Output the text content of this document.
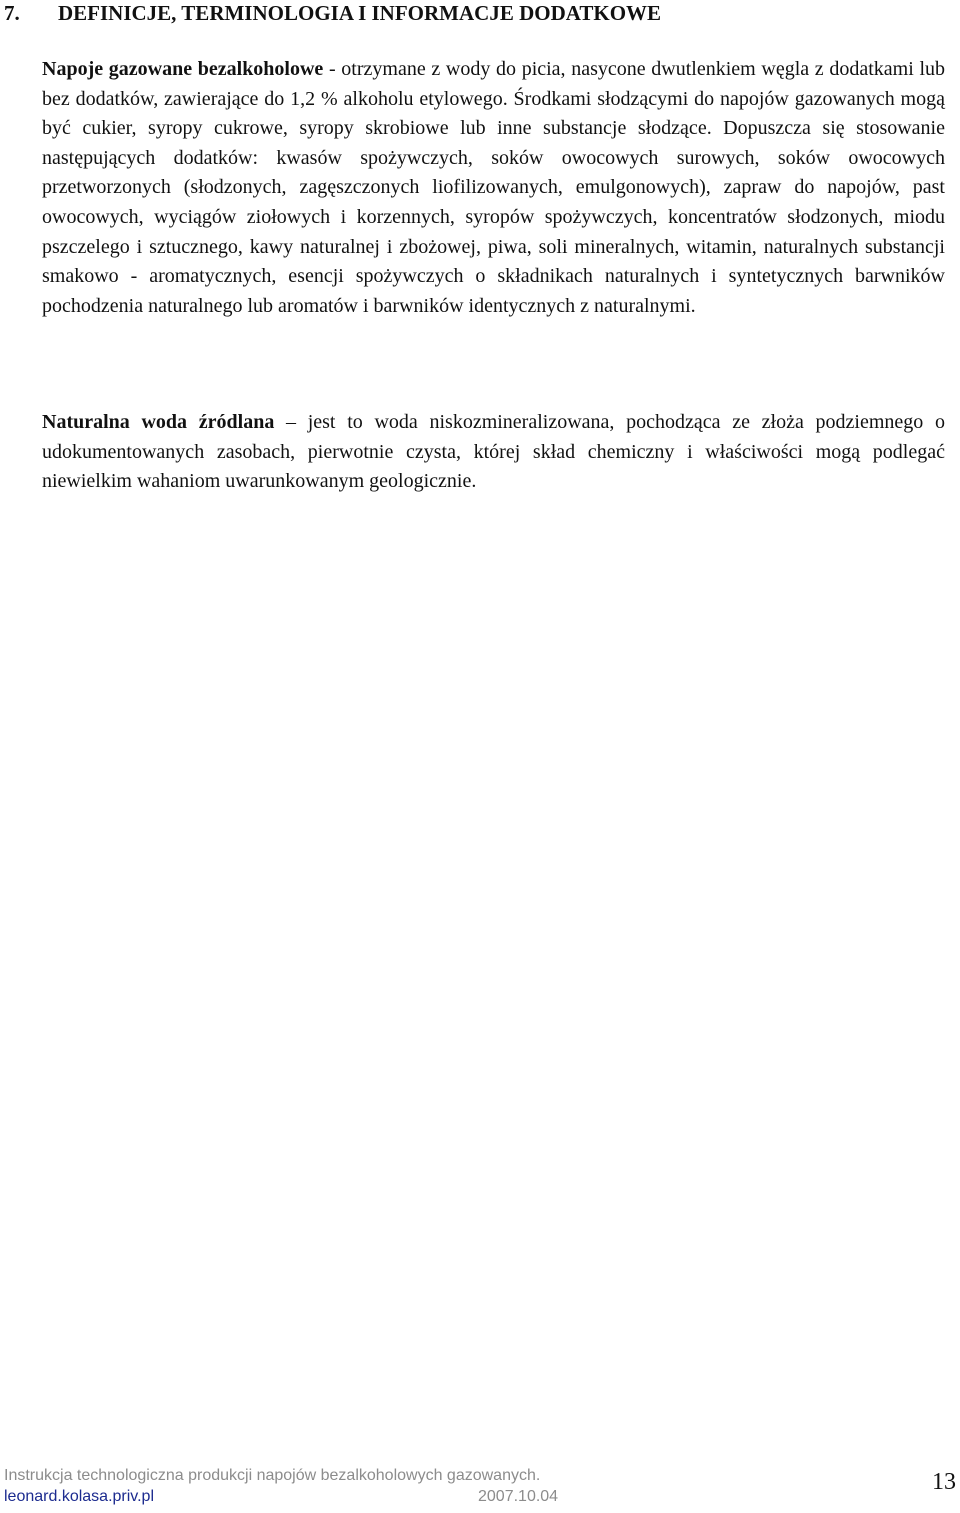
7. DEFINICJE, TERMINOLOGIA I INFORMACJE DODATKOWE

Napoje gazowane bezalkoholowe - otrzymane z wody do picia, nasycone dwutlenkiem węgla z dodatkami lub bez dodatków, zawierające do 1,2 % alkoholu etylowego. Środkami słodzącymi do napojów gazowanych mogą być cukier, syropy cukrowe, syropy skrobiowe lub inne substancje słodzące. Dopuszcza się stosowanie następujących dodatków: kwasów spożywczych, soków owocowych surowych, soków owocowych przetworzonych (słodzonych, zagęszczonych liofilizowanych, emulgonowych), zapraw do napojów, past owocowych, wyciągów ziołowych i korzennych, syropów spożywczych, koncentratów słodzonych, miodu pszczelego i sztucznego, kawy naturalnej i zbożowej, piwa, soli mineralnych, witamin, naturalnych substancji smakowo - aromatycznych, esencji spożywczych o składnikach naturalnych i syntetycznych barwników pochodzenia naturalnego lub aromatów i barwników identycznych z naturalnymi.

Naturalna woda źródlana – jest to woda niskozmineralizowana, pochodząca ze złoża podziemnego o udokumentowanych zasobach, pierwotnie czysta, której skład chemiczny i właściwości mogą podlegać niewielkim wahaniom uwarunkowanym geologicznie.

Instrukcja technologiczna produkcji napojów bezalkoholowych gazowanych.
leonard.kolasa.priv.pl	2007.10.04
13
